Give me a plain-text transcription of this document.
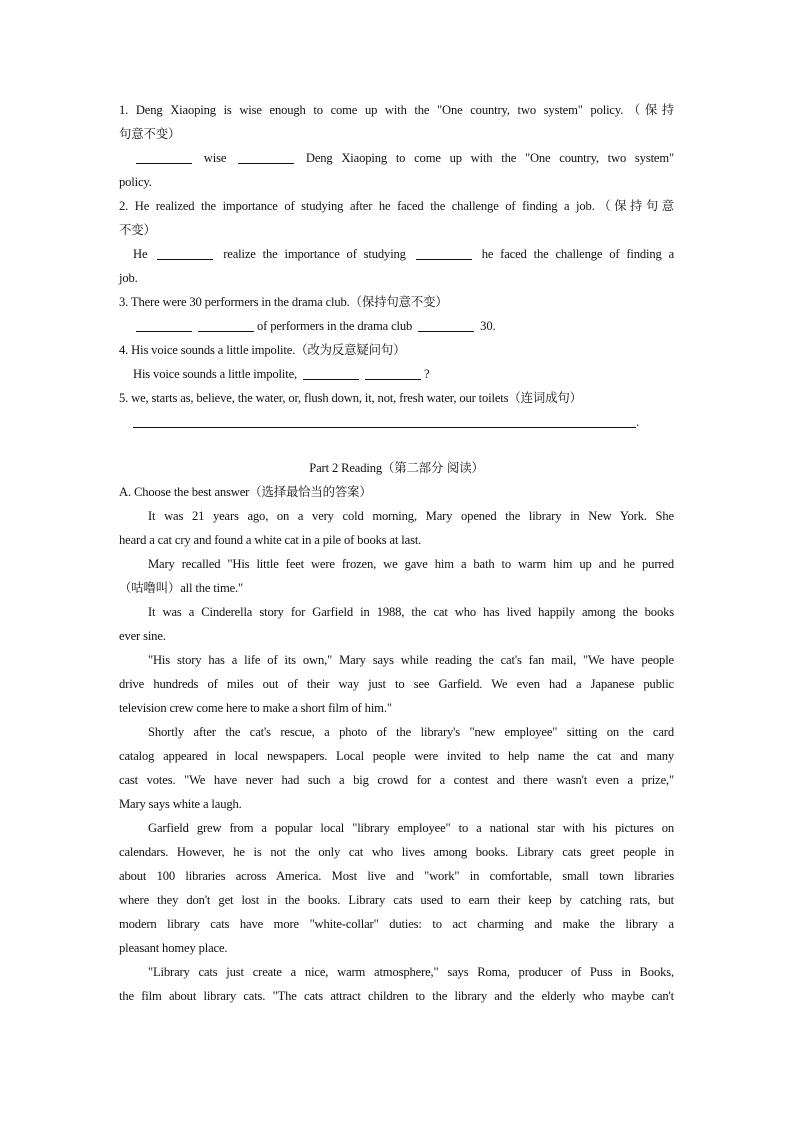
1. Deng Xiaoping is wise enough to come up with the "One country, two system" policy.（保持
句意不变）
wise	Deng Xiaoping to come up with the "One country, two system"
policy.
2. He realized the importance of studying after he faced the challenge of finding a job.（保持句意
不变）
He	realize the importance of studying	he faced the challenge of finding a
job.
3. There were 30 performers in the drama club.（保持句意不变）
of performers in the drama club	30.
4. His voice sounds a little impolite.（改为反意疑问句）
His voice sounds a little impolite,	?
5. we, starts as, believe, the water, or, flush down, it, not, fresh water, our toilets（连词成句）
.
Part 2 Reading（第二部分 阅读）
A. Choose the best answer（选择最恰当的答案）
It was 21 years ago, on a very cold morning, Mary opened the library in New York. She
heard a cat cry and found a white cat in a pile of books at last.
Mary recalled "His little feet were frozen, we gave him a bath to warm him up and he purred
（咕噜叫）all the time."
It was a Cinderella story for Garfield in 1988, the cat who has lived happily among the books
ever sine.
"His story has a life of its own," Mary says while reading the cat's fan mail, "We have people
drive hundreds of miles out of their way just to see Garfield. We even had a Japanese public
television crew come here to make a short film of him."
Shortly after the cat's rescue, a photo of the library's "new employee" sitting on the card
catalog appeared in local newspapers. Local people were invited to help name the cat and many
cast votes. "We have never had such a big crowd for a contest and there wasn't even a prize,"
Mary says white a laugh.
Garfield grew from a popular local "library employee" to a national star with his pictures on
calendars. However, he is not the only cat who lives among books. Library cats greet people in
about 100 libraries across America. Most live and "work" in comfortable, small town libraries
where they don't get lost in the books. Library cats used to earn their keep by catching rats, but
modern library cats have more "white-collar" duties: to act charming and make the library a
pleasant homey place.
"Library cats just create a nice, warm atmosphere," says Roma, producer of Puss in Books,
the film about library cats. "The cats attract children to the library and the elderly who maybe can't
